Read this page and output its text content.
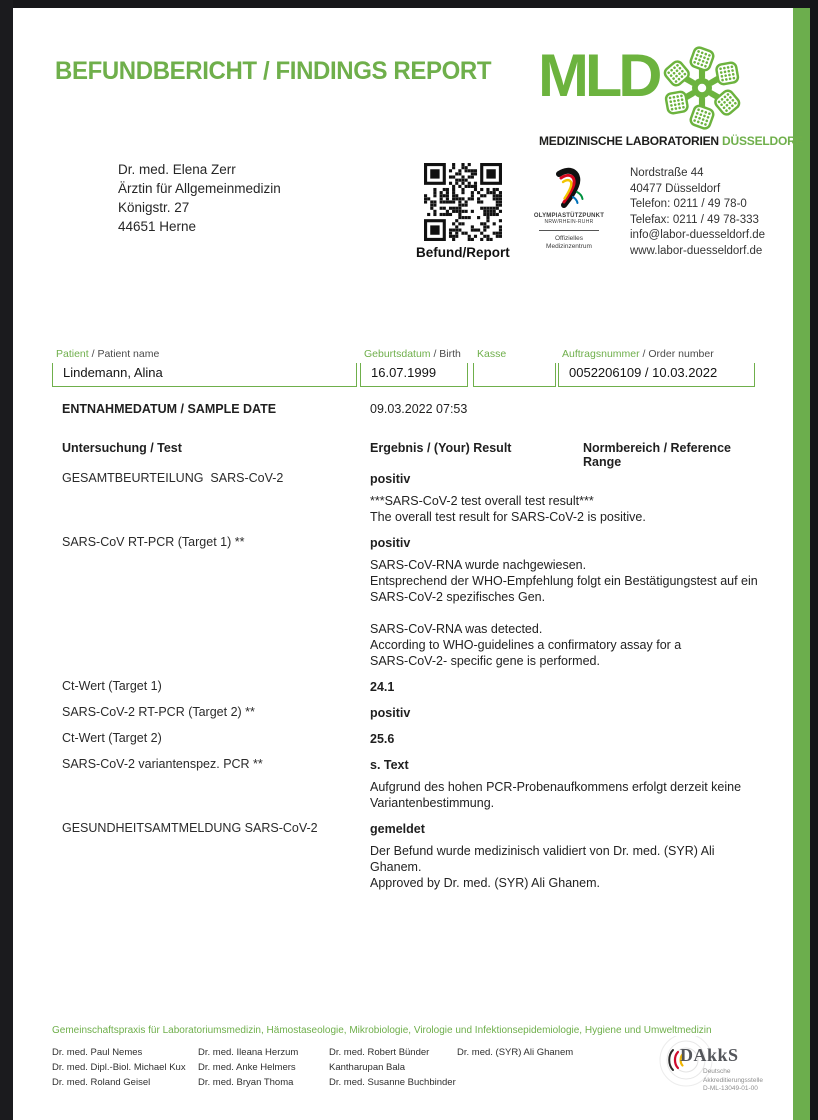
BEFUNDBERICHT / FINDINGS REPORT MLD
MEDIZINISCHE LABORATORIEN DÜSSELDORF
Dr. med. Elena Zerr
Ärztin für Allgemeinmedizin
Königstr. 27
44651 Herne
Befund/Report
OLYMPIASTÜTZPUNKT
NRW/RHEIN-RUHR
Offizielles
Medizinzentrum
Nordstraße 44
40477 Düsseldorf
Telefon: 0211 / 49 78-0
Telefax: 0211 / 49 78-333
info@labor-duesseldorf.de
www.labor-duesseldorf.de
Patient / Patient name
Lindemann, Alina
Geburtsdatum / Birth
16.07.1999
Kasse	Auftragsnummer / Order number
0052206109 / 10.03.2022
ENTNAHMEDATUM / SAMPLE DATE	09.03.2022 07:53
Untersuchung / Test	Ergebnis / (Your) Result	Normbereich / Reference Range
GESAMTBEURTEILUNG  SARS-CoV-2	positiv
***SARS-CoV-2 test overall test result***
The overall test result for SARS-CoV-2 is positive.
SARS-CoV RT-PCR (Target 1) **	positiv
SARS-CoV-RNA wurde nachgewiesen.
Entsprechend der WHO-Empfehlung folgt ein Bestätigungstest auf ein
SARS-CoV-2 spezifisches Gen.

SARS-CoV-RNA was detected.
According to WHO-guidelines a confirmatory assay for a
SARS-CoV-2- specific gene is performed.
Ct-Wert (Target 1)	24.1
SARS-CoV-2 RT-PCR (Target 2) **	positiv
Ct-Wert (Target 2)	25.6
SARS-CoV-2 variantenspez. PCR **	s. Text
Aufgrund des hohen PCR-Probenaufkommens erfolgt derzeit keine
Variantenbestimmung.
GESUNDHEITSAMTMELDUNG SARS-CoV-2	gemeldet
Der Befund wurde medizinisch validiert von Dr. med. (SYR) Ali
Ghanem.
Approved by Dr. med. (SYR) Ali Ghanem.
Gemeinschaftspraxis für Laboratoriumsmedizin, Hämostaseologie, Mikrobiologie, Virologie und Infektionsepidemiologie, Hygiene und Umweltmedizin
Dr. med. Paul Nemes
Dr. med. Dipl.-Biol. Michael Kux
Dr. med. Roland Geisel
Dr. med. Ileana Herzum
Dr. med. Anke Helmers
Dr. med. Bryan Thoma
Dr. med. Robert Bünder
Kantharupan Bala
Dr. med. Susanne Buchbinder
Dr. med. (SYR) Ali Ghanem	DAkkS
Deutsche
Akkreditierungsstelle
D-ML-13049-01-00
